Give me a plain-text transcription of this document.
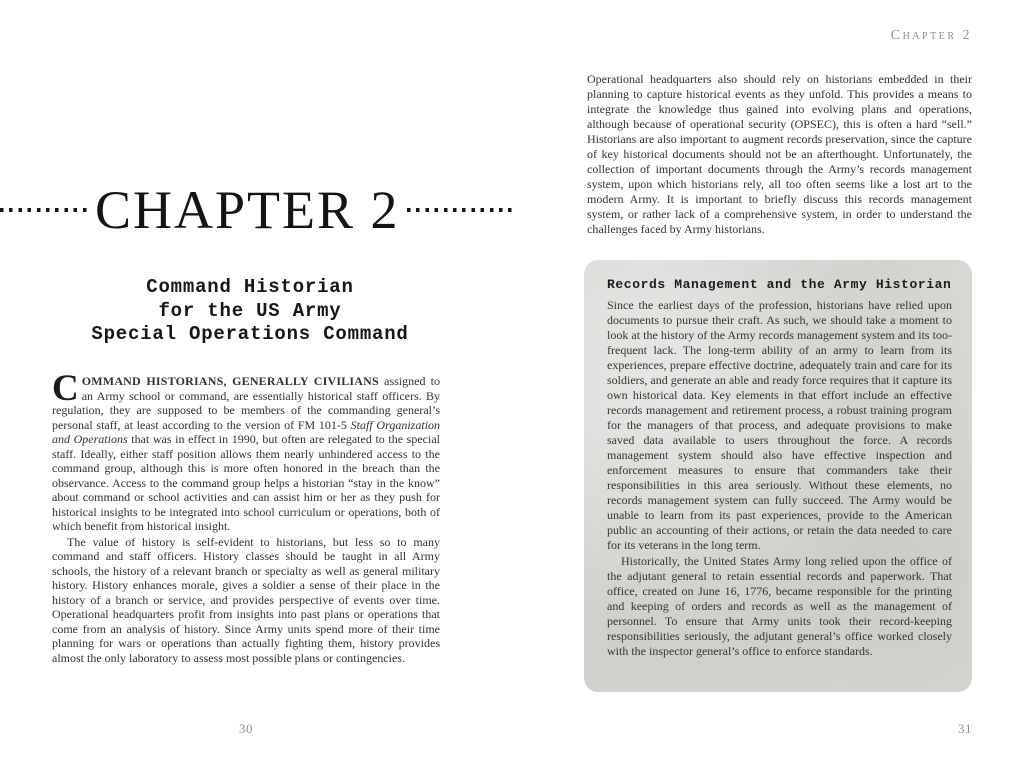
CHAPTER 2
Command Historian
for the US Army
Special Operations Command

COMMAND HISTORIANS, GENERALLY CIVILIANS assigned to an Army school or command, are essentially historical staff officers. By regulation, they are supposed to be members of the commanding general’s personal staff, at least according to the version of FM 101-5 Staff Organization and Operations that was in effect in 1990, but often are relegated to the special staff. Ideally, either staff position allows them nearly unhindered access to the command group, although this is more often honored in the breach than the observance. Access to the command group helps a historian “stay in the know” about command or school activities and can assist him or her as they push for historical insights to be integrated into school curriculum or operations, both of which benefit from historical insight.

The value of history is self-evident to historians, but less so to many command and staff officers. History classes should be taught in all Army schools, the history of a relevant branch or specialty as well as general military history. History enhances morale, gives a soldier a sense of their place in the history of a branch or service, and provides perspective of events over time. Operational headquarters profit from insights into past plans or operations that come from an analysis of history. Since Army units spend more of their time planning for wars or operations than actually fighting them, history provides almost the only laboratory to assess most possible plans or contingencies.

30
Chapter 2
Operational headquarters also should rely on historians embedded in their planning to capture historical events as they unfold. This provides a means to integrate the knowledge thus gained into evolving plans and operations, although because of operational security (OPSEC), this is often a hard “sell.” Historians are also important to augment records preservation, since the capture of key historical documents should not be an afterthought. Unfortunately, the collection of important documents through the Army’s records management system, upon which historians rely, all too often seems like a lost art to the modern Army. It is important to briefly discuss this records management system, or rather lack of a comprehensive system, in order to understand the challenges faced by Army historians.
Records Management and the Army Historian

Since the earliest days of the profession, historians have relied upon documents to pursue their craft. As such, we should take a moment to look at the history of the Army records management system and its too-frequent lack. The long-term ability of an army to learn from its experiences, prepare effective doctrine, adequately train and care for its soldiers, and generate an able and ready force requires that it capture its own historical data. Key elements in that effort include an effective records management and retirement process, a robust training program for the managers of that process, and adequate provisions to make saved data available to users throughout the force. A records management system should also have effective inspection and enforcement measures to ensure that commanders take their responsibilities in this area seriously. Without these elements, no records management system can fully succeed. The Army would be unable to learn from its past experiences, provide to the American public an accounting of their actions, or retain the data needed to care for its veterans in the long term.

Historically, the United States Army long relied upon the office of the adjutant general to retain essential records and paperwork. That office, created on June 16, 1776, became responsible for the printing and keeping of orders and records as well as the management of personnel. To ensure that Army units took their record-keeping responsibilities seriously, the adjutant general’s office worked closely with the inspector general’s office to enforce standards.

31
